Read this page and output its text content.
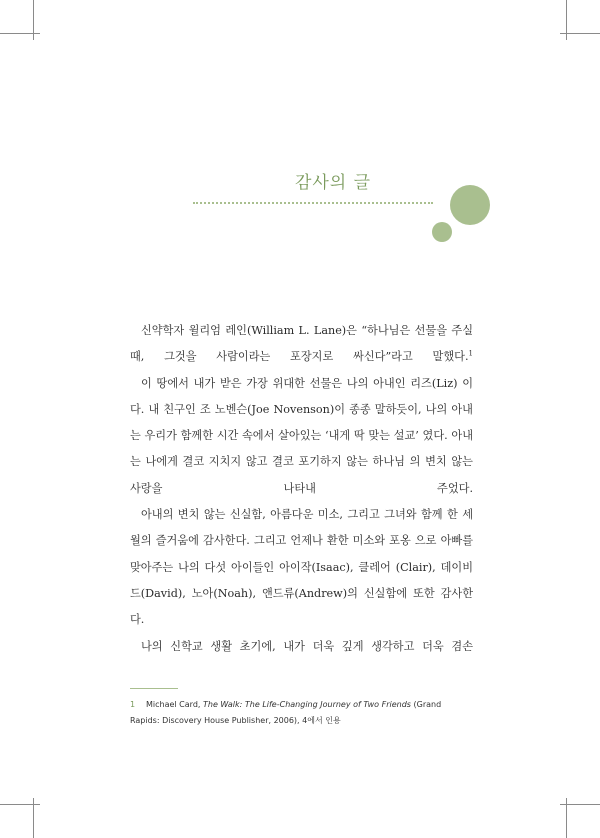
감사의 글

신약학자 윌리엄 레인(William L. Lane)은 “하나님은 선물을 주실 때, 그것을 사람이라는 포장지로 싸신다”라고 말했다.$^1$

이 땅에서 내가 받은 가장 위대한 선물은 나의 아내인 리즈(Liz) 이다. 내 친구인 조 노벤슨(Joe Novenson)이 종종 말하듯이, 나의 아내는 우리가 함께한 시간 속에서 살아있는 ‘내게 딱 맞는 설교’ 였다. 아내는 나에게 결코 지치지 않고 결코 포기하지 않는 하나님 의 변치 않는 사랑을 나타내 주었다.

아내의 변치 않는 신실함, 아름다운 미소, 그리고 그녀와 함께 한 세월의 즐거움에 감사한다. 그리고 언제나 환한 미소와 포옹 으로 아빠를 맞아주는 나의 다섯 아이들인 아이작(Isaac), 클레어 (Clair), 데이비드(David), 노아(Noah), 앤드류(Andrew)의 신실함에 또한 감사한다.

나의 신학교 생활 초기에, 내가 더욱 깊게 생각하고 더욱 겸손

1 Michael Card, The Walk: The Life-Changing Journey of Two Friends (Grand Rapids: Discovery House Publisher, 2006), 4에서 인용
